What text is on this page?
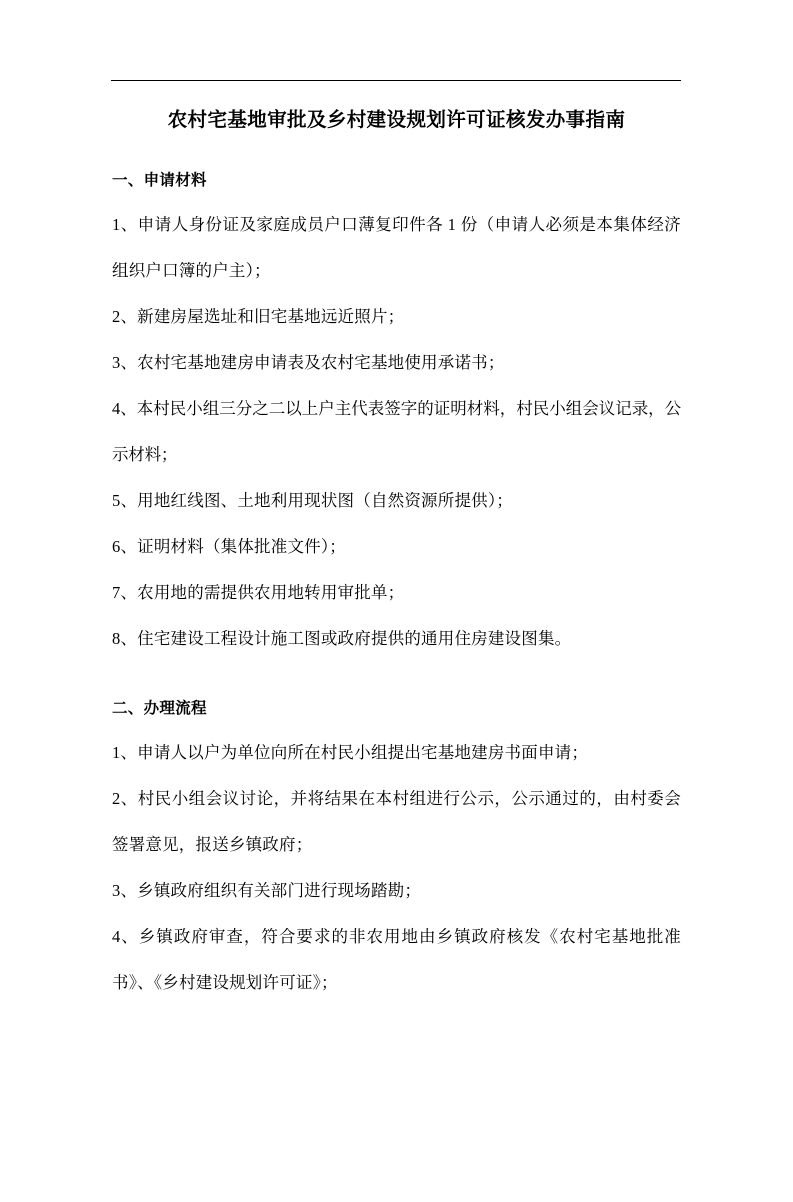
农村宅基地审批及乡村建设规划许可证核发办事指南
一、申请材料

1、申请人身份证及家庭成员户口薄复印件各 1 份（申请人必须是本集体经济组织户口簿的户主）；

2、新建房屋选址和旧宅基地远近照片；

3、农村宅基地建房申请表及农村宅基地使用承诺书；

4、本村民小组三分之二以上户主代表签字的证明材料，村民小组会议记录，公示材料；

5、用地红线图、土地利用现状图（自然资源所提供）；

6、证明材料（集体批准文件）；

7、农用地的需提供农用地转用审批单；

8、住宅建设工程设计施工图或政府提供的通用住房建设图集。

二、办理流程

1、申请人以户为单位向所在村民小组提出宅基地建房书面申请；

2、村民小组会议讨论，并将结果在本村组进行公示，公示通过的，由村委会签署意见，报送乡镇政府；

3、乡镇政府组织有关部门进行现场踏勘；

4、乡镇政府审查，符合要求的非农用地由乡镇政府核发《农村宅基地批准书》、《乡村建设规划许可证》；
